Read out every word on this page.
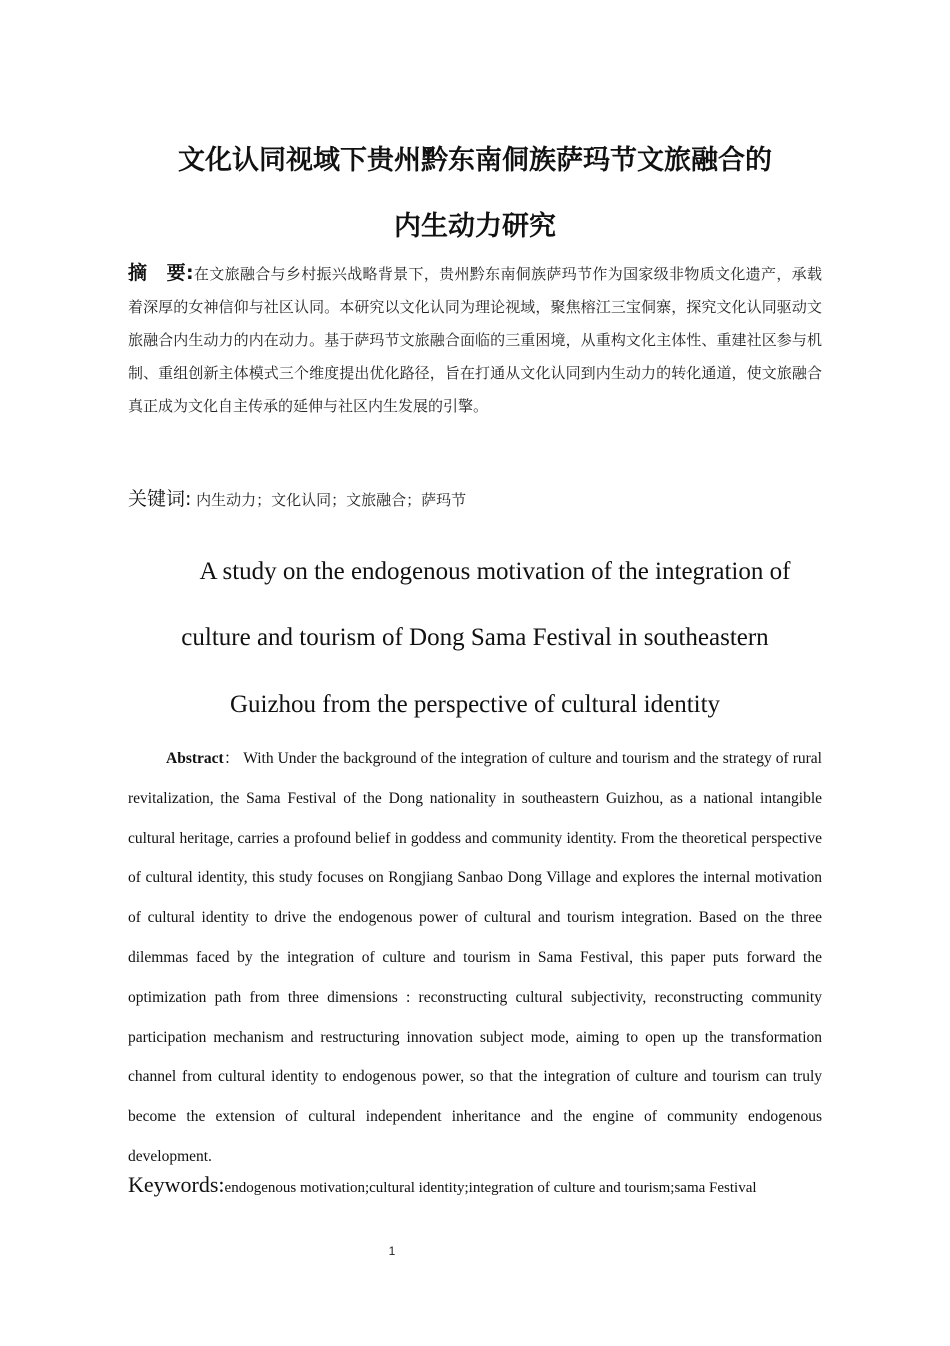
文化认同视域下贵州黔东南侗族萨玛节文旅融合的
内生动力研究
摘　要:在文旅融合与乡村振兴战略背景下，贵州黔东南侗族萨玛节作为国家级非物质文化遗产，承载着深厚的女神信仰与社区认同。本研究以文化认同为理论视域，聚焦榕江三宝侗寨，探究文化认同驱动文旅融合内生动力的内在动力。基于萨玛节文旅融合面临的三重困境，从重构文化主体性、重建社区参与机制、重组创新主体模式三个维度提出优化路径，旨在打通从文化认同到内生动力的转化通道，使文旅融合真正成为文化自主传承的延伸与社区内生发展的引擎。
关键词: 内生动力；文化认同；文旅融合；萨玛节
A study on the endogenous motivation of the integration of
culture and tourism of Dong Sama Festival in southeastern
Guizhou from the perspective of cultural identity
Abstract： With Under the background of the integration of culture and tourism and the strategy of rural revitalization, the Sama Festival of the Dong nationality in southeastern Guizhou, as a national intangible cultural heritage, carries a profound belief in goddess and community identity. From the theoretical perspective of cultural identity, this study focuses on Rongjiang Sanbao Dong Village and explores the internal motivation of cultural identity to drive the endogenous power of cultural and tourism integration. Based on the three dilemmas faced by the integration of culture and tourism in Sama Festival, this paper puts forward the optimization path from three dimensions : reconstructing cultural subjectivity, reconstructing community participation mechanism and restructuring innovation subject mode, aiming to open up the transformation channel from cultural identity to endogenous power, so that the integration of culture and tourism can truly become the extension of cultural independent inheritance and the engine of community endogenous development.
Keywords:endogenous motivation;cultural identity;integration of culture and tourism;sama Festival
1
